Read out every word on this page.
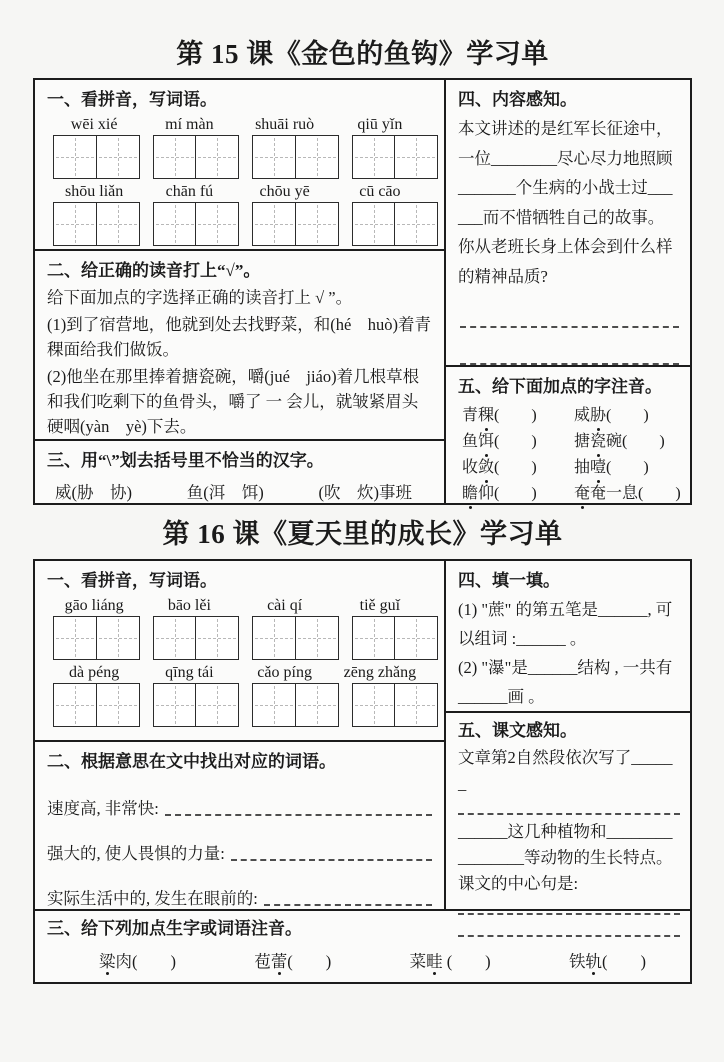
第 15 课《金色的鱼钩》学习单
一、看拼音，写词语。
wēi xié	mí màn	shuāi ruò	qiū yǐn
shōu liǎn	chān fú	chōu yē	cū cāo
二、给正确的读音打上“√”。
给下面加点的字选择正确的读音打上 √ ”。
(1)到了宿营地，他就到处去找野菜，和(hé　huò)着青稞面给我们做饭。
(2)他坐在那里捧着搪瓷碗，嚼(jué　jiáo)着几根草根和我们吃剩下的鱼骨头，嚼了 一 会儿，就皱紧眉头硬咽(yàn　yè)下去。
三、用“\”划去括号里不恰当的汉字。
威(胁　协)	鱼(洱　饵)	(吹　炊)事班
四、内容感知。
本文讲述的是红军长征途中，一位________尽心尽力地照顾_______个生病的小战士过______而不惜牺牲自己的故事。你从老班长身上体会到什么样的精神品质?
五、给下面加点的字注音。
青稞(　　)	威胁(　　)
鱼饵(　　)	搪瓷碗(　　)
收敛(　　)	抽噎(　　)
瞻仰(　　)	奄奄一息(　　)
第 16 课《夏天里的成长》学习单
一、看拼音，写词语。
gāo liáng	bāo lěi	cài qí	tiě guǐ
dà péng	qīng tái	cǎo píng	zēng zhǎng
二、根据意思在文中找出对应的词语。
速度高, 非常快:
强大的, 使人畏惧的力量:
实际生活中的, 发生在眼前的:
四、填一填。
(1) "蔗" 的第五笔是______, 可以组词 :______ 。
(2) "瀑"是______结构 , 一共有______画 。
五、课文感知。
文章第2自然段依次写了______
______这几种植物和________
________等动物的生长特点。
课文的中心句是:
三、给下列加点生字或词语注音。
粱肉(　　)	苞蕾(　　)	菜畦 (　　)	铁轨(　　)
